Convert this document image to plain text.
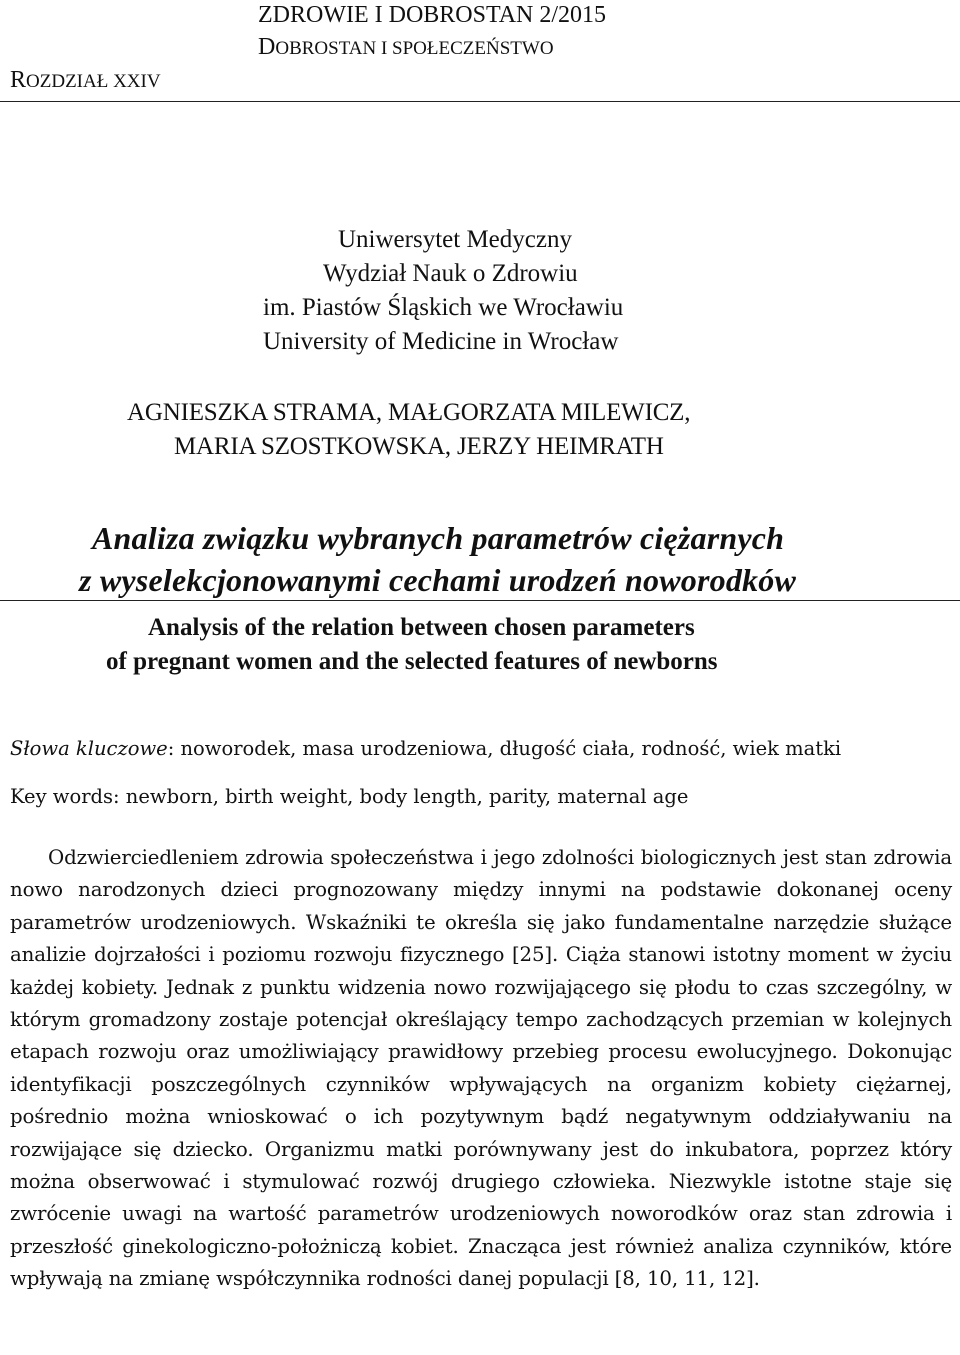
ZDROWIE I DOBROSTAN 2/2015

DOBROSTAN I SPOŁECZEŃSTWO

ROZDZIAŁ XXIV

Uniwersytet Medyczny

Wydział Nauk o Zdrowiu

im. Piastów Śląskich we Wrocławiu

University of Medicine in Wrocław

AGNIESZKA STRAMA, MAŁGORZATA MILEWICZ,

MARIA SZOSTKOWSKA, JERZY HEIMRATH

Analiza związku wybranych parametrów ciężarnych

z wyselekcjonowanymi cechami urodzeń noworodków

Analysis of the relation between chosen parameters

of pregnant women and the selected features of newborns

Słowa kluczowe: noworodek, masa urodzeniowa, długość ciała, rodność, wiek matki

Key words: newborn, birth weight, body length, parity, maternal age

Odzwierciedleniem zdrowia społeczeństwa i jego zdolności biologicznych jest stan zdrowia nowo narodzonych dzieci prognozowany między innymi na podstawie dokonanej oceny parametrów urodzeniowych. Wskaźniki te określa się jako fundamentalne narzędzie służące analizie dojrzałości i poziomu rozwoju fizycznego [25]. Ciąża stanowi istotny moment w życiu każdej kobiety. Jednak z punktu widzenia nowo rozwijającego się płodu to czas szczególny, w którym gromadzony zostaje potencjał określający tempo zachodzących przemian w kolejnych etapach rozwoju oraz umożliwiający prawidłowy przebieg procesu ewolucyjnego. Dokonując identyfikacji poszczególnych czynników wpływających na organizm kobiety ciężarnej, pośrednio można wnioskować o ich pozytywnym bądź negatywnym oddziaływaniu na rozwijające się dziecko. Organizmu matki porównywany jest do inkubatora, poprzez który można obserwować i stymulować rozwój drugiego człowieka. Niezwykle istotne staje się zwrócenie uwagi na wartość parametrów urodzeniowych noworodków oraz stan zdrowia i przeszłość ginekologiczno-położniczą kobiet. Znacząca jest również analiza czynników, które wpływają na zmianę współczynnika rodności danej populacji [8, 10, 11, 12].
